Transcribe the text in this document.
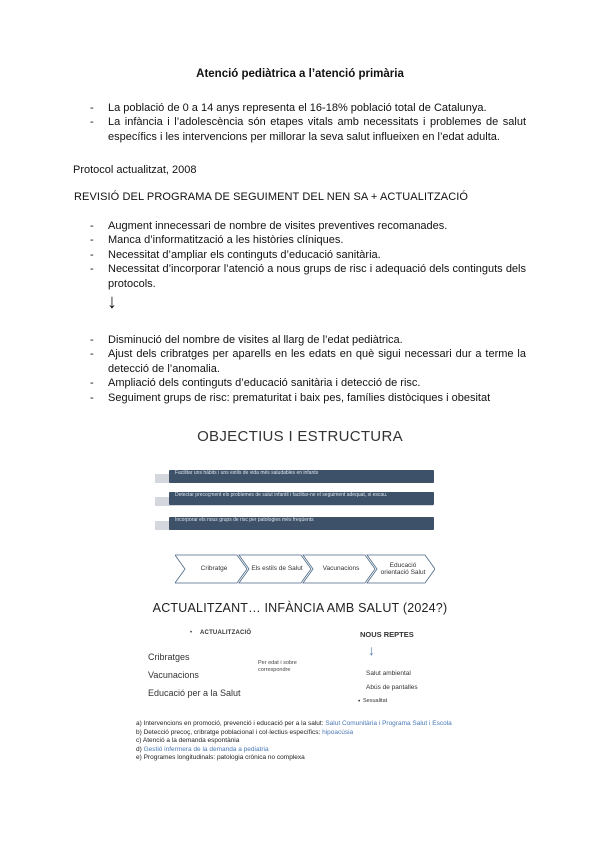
Atenció pediàtrica a l’atenció primària
- La població de 0 a 14 anys representa el 16-18% població total de Catalunya.
- La infància i l’adolescència són etapes vitals amb necessitats i problemes de salut específics i les intervencions per millorar la seva salut influeixen en l’edat adulta.
Protocol actualitzat, 2008
REVISIÓ DEL PROGRAMA DE SEGUIMENT DEL NEN SA + ACTUALITZACIÓ
- Augment innecessari de nombre de visites preventives recomanades.
- Manca d’informatització a les històries clíniques.
- Necessitat d’ampliar els continguts d’educació sanitària.
- Necessitat d’incorporar l’atenció a nous grups de risc i adequació dels continguts dels protocols.
↓
- Disminució del nombre de visites al llarg de l’edat pediàtrica.
- Ajust dels cribratges per aparells en les edats en què sigui necessari dur a terme la detecció de l’anomalia.
- Ampliació dels continguts d’educació sanitària i detecció de risc.
- Seguiment grups de risc: prematuritat i baix pes, famílies distòciques i obesitat
OBJECTIUS I ESTRUCTURA
Facilitar uns hàbits i uns estils de vida més saludables en infants
Detectar precoçment els problemes de salut infantil i facilitar-ne el seguiment adequat, si escau.
Incorporar els nous grups de risc per patologies més freqüents
Cribratge	Els estils de Salut	Vacunacions
Educació orientació Salut
ACTUALITZANT… INFÀNCIA AMB SALUT (2024?)
• ACTUALITZACIÓ
Cribratges
Vacunacions
Educació per a la Salut
Per edat i sobre correspondre
NOUS REPTES
↓
Salut ambiental
Abús de pantalles
• Sexualitat
a) Intervencions en promoció, prevenció i educació per a la salut: Salut Comunitària i Programa Salut i Escola
b) Detecció precoç, cribratge poblacional i col·lectius específics: hipoacúsia
c) Atenció a la demanda espontània
d) Gestió infermera de la demanda a pediatria
e) Programes longitudinals: patologia crònica no complexa
